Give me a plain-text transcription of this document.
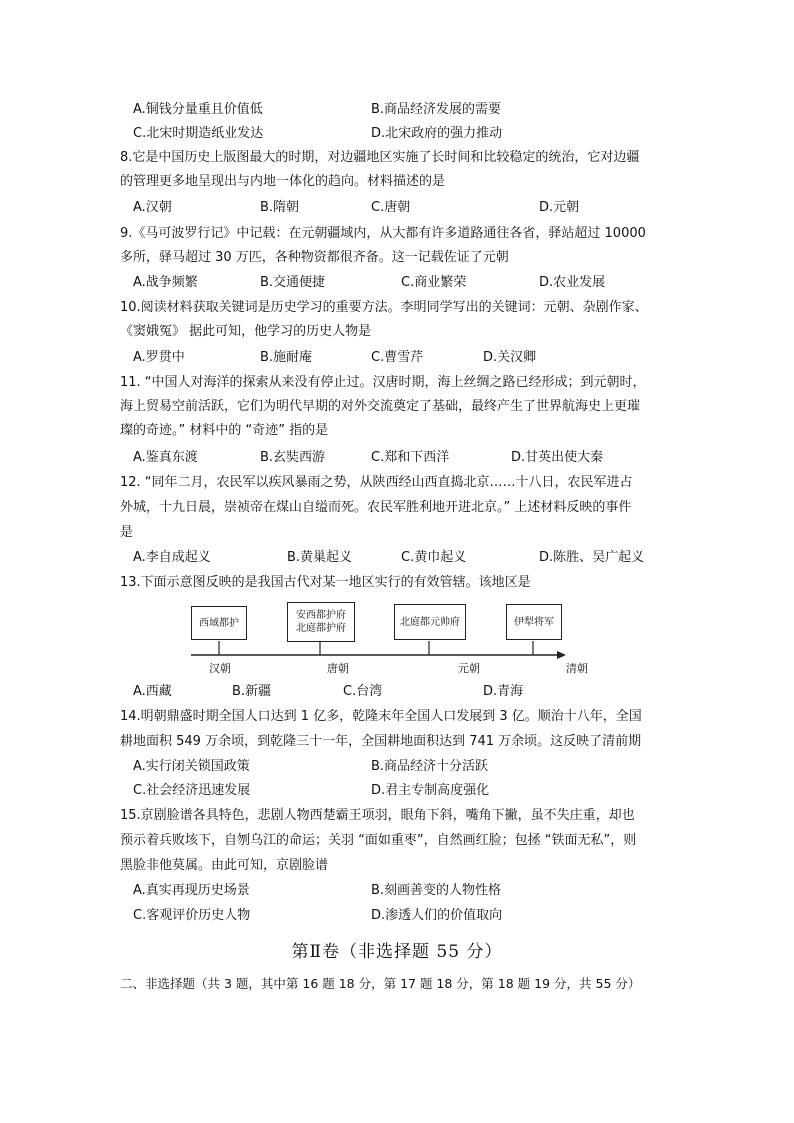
A.铜钱分量重且价值低	B.商品经济发展的需要
C.北宋时期造纸业发达	D.北宋政府的强力推动
8.它是中国历史上版图最大的时期，对边疆地区实施了长时间和比较稳定的统治，它对边疆
的管理更多地呈现出与内地一体化的趋向。材料描述的是
A.汉朝	B.隋朝	C.唐朝	D.元朝
9.《马可波罗行记》中记载：在元朝疆域内，从大都有许多道路通往各省，驿站超过 10000
多所，驿马超过 30 万匹，各种物资都很齐备。这一记载佐证了元朝
A.战争频繁	B.交通便捷	C.商业繁荣	D.农业发展
10.阅读材料获取关键词是历史学习的重要方法。李明同学写出的关键词：元朝、杂剧作家、
《窦娥冤》 据此可知，他学习的历史人物是
A.罗贯中	B.施耐庵	C.曹雪芹	D.关汉卿
11. “中国人对海洋的探索从来没有停止过。汉唐时期，海上丝绸之路已经形成；到元朝时，
海上贸易空前活跃，它们为明代早期的对外交流奠定了基础，最终产生了世界航海史上更璀
璨的奇迹。” 材料中的 “奇迹” 指的是
A.鉴真东渡	B.玄奘西游	C.郑和下西洋	D.甘英出使大秦
12. “同年二月，农民军以疾风暴雨之势，从陕西经山西直捣北京……十八日，农民军进占
外城，十九日晨，崇祯帝在煤山自缢而死。农民军胜利地开进北京。” 上述材料反映的事件
是
A.李自成起义	B.黄巢起义	C.黄巾起义	D.陈胜、吴广起义
13.下面示意图反映的是我国古代对某一地区实行的有效管辖。该地区是
西域都护
安西都护府
北庭都护府
北庭都元帅府	伊犁将军
汉朝	唐朝	元朝	清朝
A.西藏	B.新疆	C.台湾	D.青海
14.明朝鼎盛时期全国人口达到 1 亿多，乾隆末年全国人口发展到 3 亿。顺治十八年，全国
耕地面积 549 万余顷，到乾隆三十一年，全国耕地面积达到 741 万余顷。这反映了清前期
A.实行闭关锁国政策	B.商品经济十分活跃
C.社会经济迅速发展	D.君主专制高度强化
15.京剧脸谱各具特色，悲剧人物西楚霸王项羽，眼角下斜，嘴角下撇，虽不失庄重，却也
预示着兵败垓下，自刎乌江的命运；关羽 “面如重枣”，自然画红脸；包拯 “铁面无私”，则
黑脸非他莫属。由此可知，京剧脸谱
A.真实再现历史场景	B.刻画善变的人物性格
C.客观评价历史人物	D.渗透人们的价值取向
第Ⅱ卷（非选择题 55 分）
二、非选择题（共 3 题，其中第 16 题 18 分，第 17 题 18 分，第 18 题 19 分，共 55 分）
